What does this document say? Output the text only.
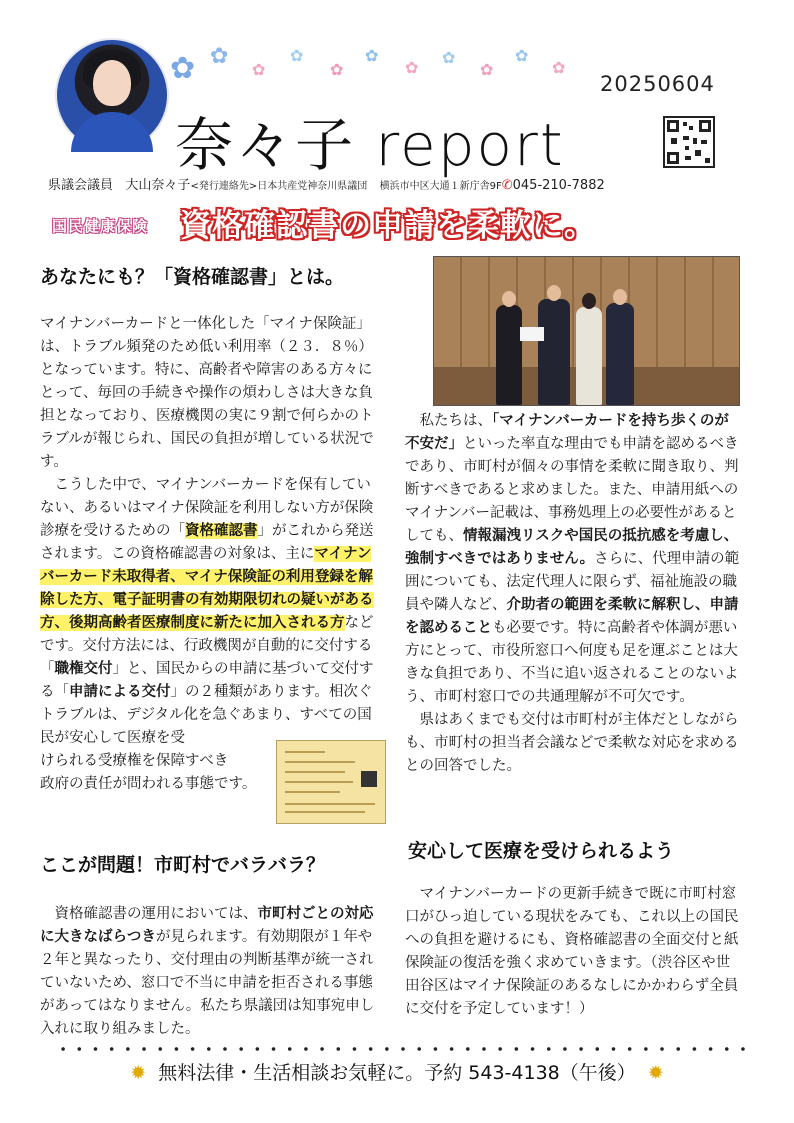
✿ ✿
✿
✿
✿
✿
✿
✿
✿
✿
✿
20250604
奈々子 report
県議会議員 大山奈々子<発行連絡先>日本共産党神奈川県議団 横浜市中区大通１新庁舎9F✆045-210-7882
国民健康保険 資格確認書の申請を柔軟に。
あなたにも？「資格確認書」とは。

マイナンバーカードと一体化した「マイナ保険証」は、トラブル頻発のため低い利用率（２３．８％）となっています。特に、高齢者や障害のある方々にとって、毎回の手続きや操作の煩わしさは大きな負担となっており、医療機関の実に９割で何らかのトラブルが報じられ、国民の負担が増している状況です。

こうした中で、マイナンバーカードを保有していない、あるいはマイナ保険証を利用しない方が保険診療を受けるための「資格確認書」がこれから発送されます。この資格確認書の対象は、主にマイナンバーカード未取得者、マイナ保険証の利用登録を解除した方、電子証明書の有効期限切れの疑いがある方、後期高齢者医療制度に新たに加入される方などです。交付方法には、行政機関が自動的に交付する「職権交付」と、国民からの申請に基づいて交付する「申請による交付」の２種類があります。相次ぐトラブルは、デジタル化を急ぐあまり、すべての国民が安心して医療を受
けられる受療権を保障すべき
政府の責任が問われる事態です。

ここが問題！市町村でバラバラ？
資格確認書の運用においては、市町村ごとの対応に大きなばらつきが見られます。有効期限が１年や２年と異なったり、交付理由の判断基準が統一されていないため、窓口で不当に申請を拒否される事態があってはなりません。私たち県議団は知事宛申し入れに取り組みました。

私たちは、「マイナンバーカードを持ち歩くのが不安だ」といった率直な理由でも申請を認めるべきであり、市町村が個々の事情を柔軟に聞き取り、判断すべきであると求めました。また、申請用紙へのマイナンバー記載は、事務処理上の必要性があるとしても、情報漏洩リスクや国民の抵抗感を考慮し、強制すべきではありません。さらに、代理申請の範囲についても、法定代理人に限らず、福祉施設の職員や隣人など、介助者の範囲を柔軟に解釈し、申請を認めることも必要です。特に高齢者や体調が悪い方にとって、市役所窓口へ何度も足を運ぶことは大きな負担であり、不当に追い返されることのないよう、市町村窓口での共通理解が不可欠です。

県はあくまでも交付は市町村が主体だとしながらも、市町村の担当者会議などで柔軟な対応を求めるとの回答でした。

安心して医療を受けられるよう
マイナンバーカードの更新手続きで既に市町村窓口がひっ迫している現状をみても、これ以上の国民への負担を避けるにも、資格確認書の全面交付と紙保険証の復活を強く求めていきます。（渋谷区や世田谷区はマイナ保険証のあるなしにかかわらず全員に交付を予定しています！）
✹ 無料法律・生活相談お気軽に。予約 543-4138（午後） ✹
